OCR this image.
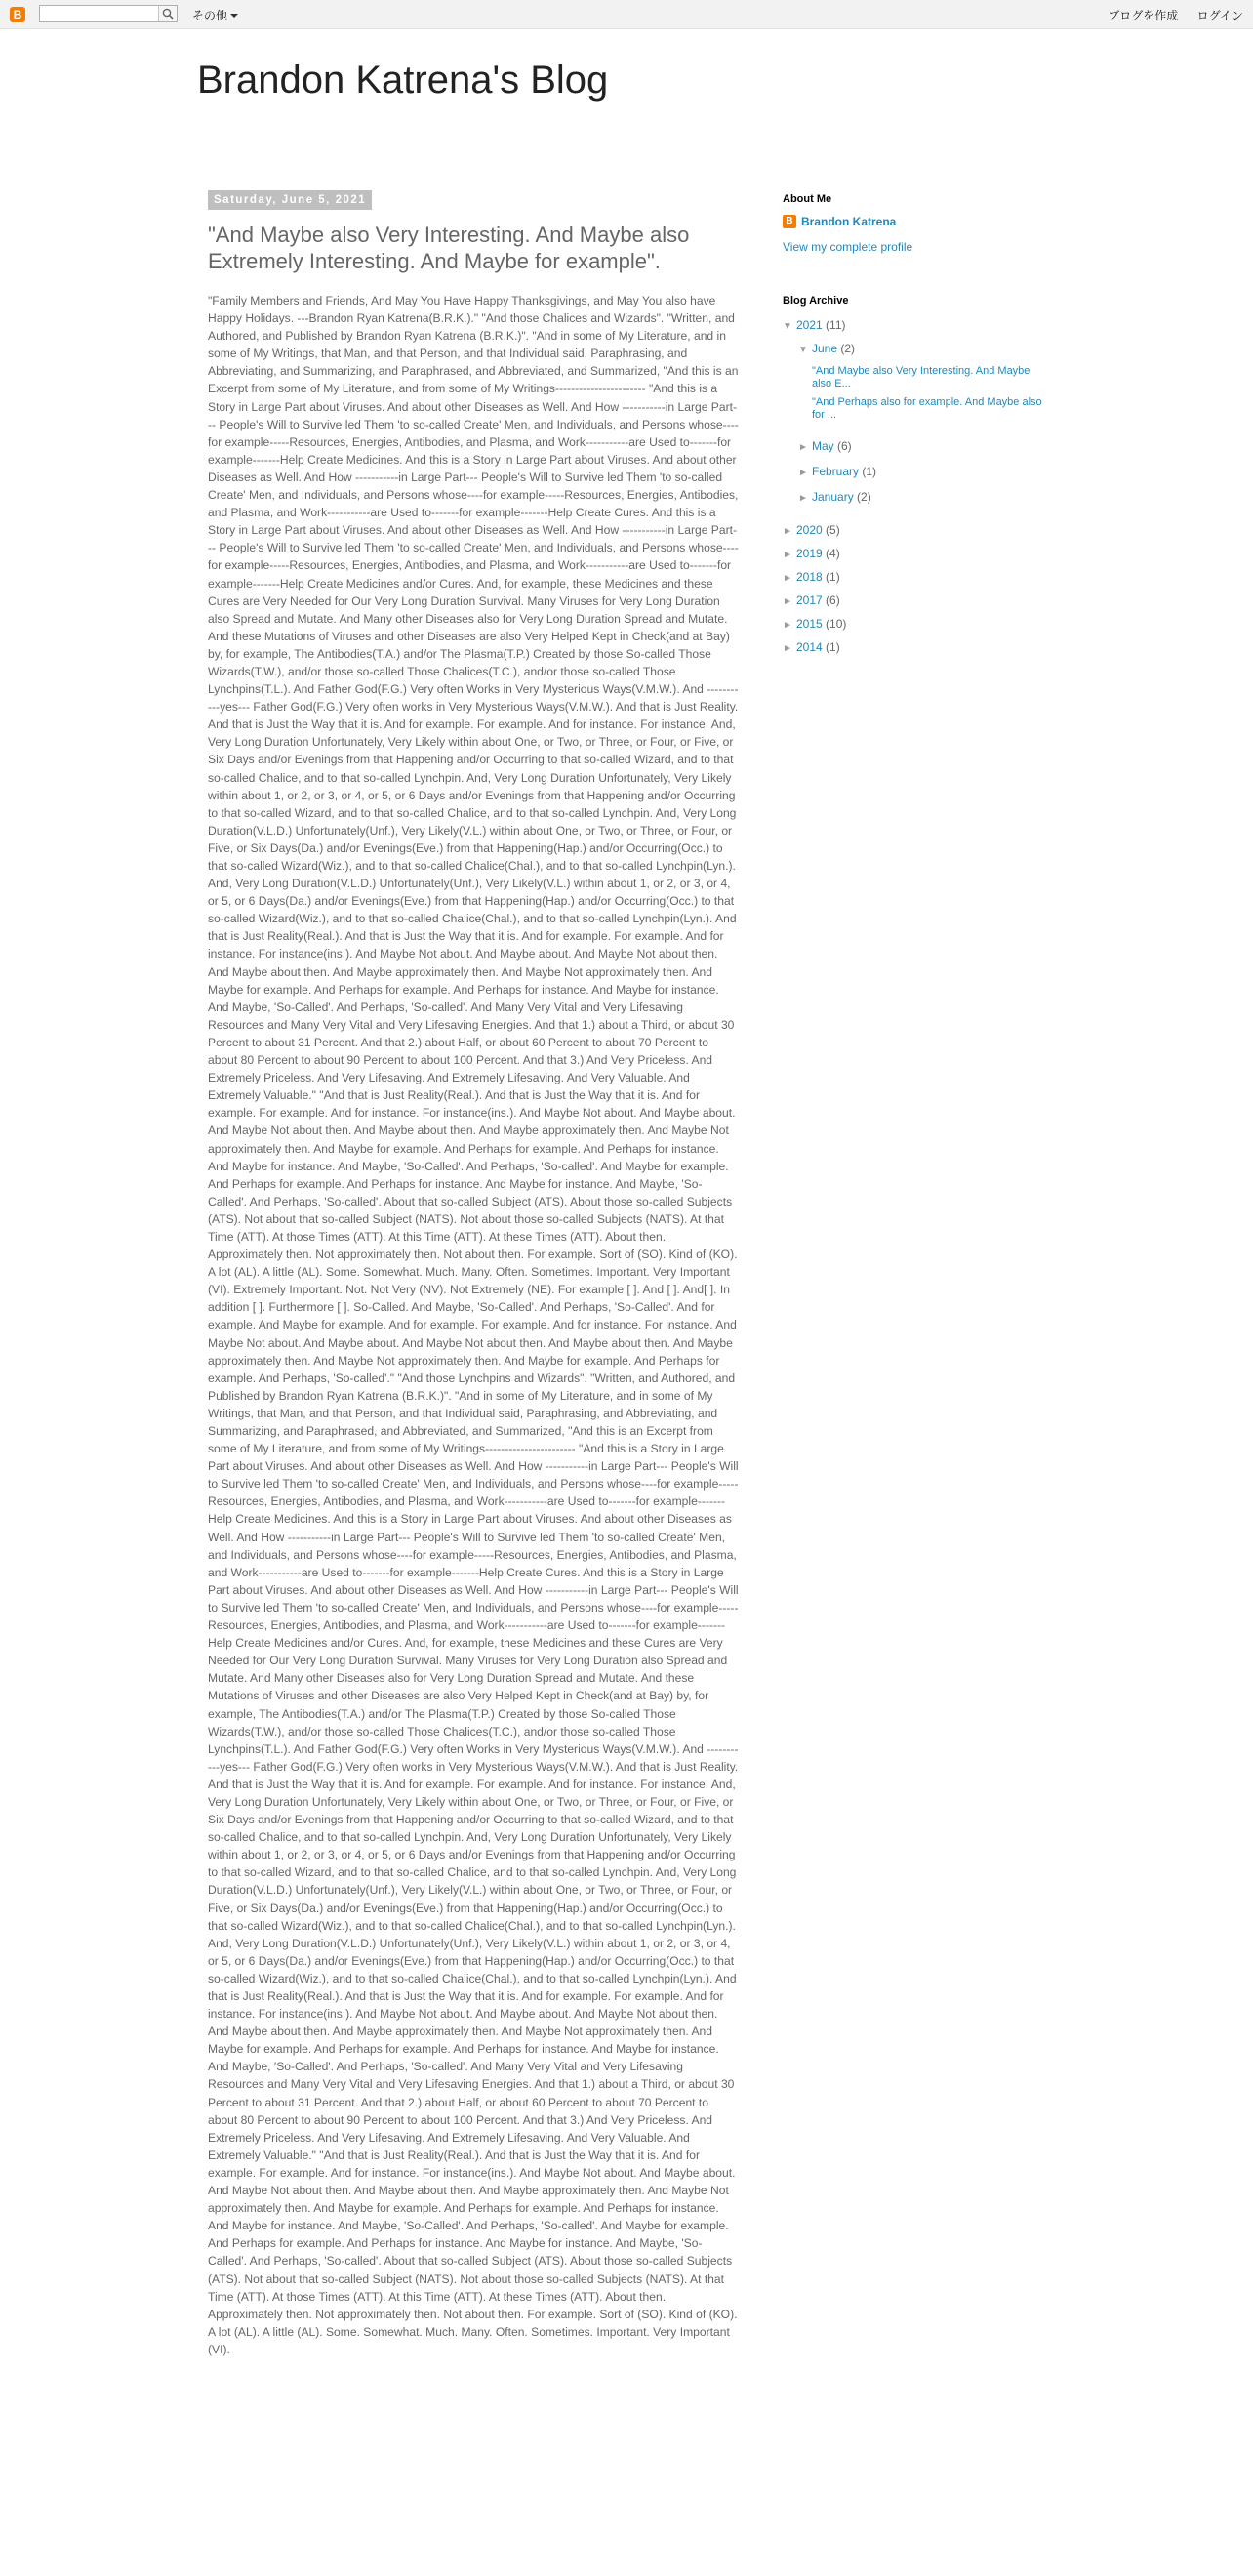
B	その他	ブログを作成 ログイン
Brandon Katrena's Blog
Saturday, June 5, 2021
"And Maybe also Very Interesting. And Maybe also Extremely Interesting. And Maybe for example".
"Family Members and Friends, And May You Have Happy Thanksgivings, and May You also have Happy Holidays. ---Brandon Ryan Katrena(B.R.K.)." "And those Chalices and Wizards". "Written, and Authored, and Published by Brandon Ryan Katrena (B.R.K.)". "And in some of My Literature, and in some of My Writings, that Man, and that Person, and that Individual said, Paraphrasing, and Abbreviating, and Summarizing, and Paraphrased, and Abbreviated, and Summarized, "And this is an Excerpt from some of My Literature, and from some of My Writings----------------------- "And this is a Story in Large Part about Viruses. And about other Diseases as Well. And How -----------in Large Part--- People's Will to Survive led Them 'to so-called Create' Men, and Individuals, and Persons whose----for example-----Resources, Energies, Antibodies, and Plasma, and Work-----------are Used to-------for example-------Help Create Medicines. And this is a Story in Large Part about Viruses. And about other Diseases as Well. And How -----------in Large Part--- People's Will to Survive led Them 'to so-called Create' Men, and Individuals, and Persons whose----for example-----Resources, Energies, Antibodies, and Plasma, and Work-----------are Used to-------for example-------Help Create Cures. And this is a Story in Large Part about Viruses. And about other Diseases as Well. And How -----------in Large Part--- People's Will to Survive led Them 'to so-called Create' Men, and Individuals, and Persons whose----for example-----Resources, Energies, Antibodies, and Plasma, and Work-----------are Used to-------for example-------Help Create Medicines and/or Cures. And, for example, these Medicines and these Cures are Very Needed for Our Very Long Duration Survival. Many Viruses for Very Long Duration also Spread and Mutate. And Many other Diseases also for Very Long Duration Spread and Mutate. And these Mutations of Viruses and other Diseases are also Very Helped Kept in Check(and at Bay) by, for example, The Antibodies(T.A.) and/or The Plasma(T.P.) Created by those So-called Those Wizards(T.W.), and/or those so-called Those Chalices(T.C.), and/or those so-called Those Lynchpins(T.L.). And Father God(F.G.) Very often Works in Very Mysterious Ways(V.M.W.). And -----------yes--- Father God(F.G.) Very often works in Very Mysterious Ways(V.M.W.). And that is Just Reality. And that is Just the Way that it is. And for example. For example. And for instance. For instance. And, Very Long Duration Unfortunately, Very Likely within about One, or Two, or Three, or Four, or Five, or Six Days and/or Evenings from that Happening and/or Occurring to that so-called Wizard, and to that so-called Chalice, and to that so-called Lynchpin. And, Very Long Duration Unfortunately, Very Likely within about 1, or 2, or 3, or 4, or 5, or 6 Days and/or Evenings from that Happening and/or Occurring to that so-called Wizard, and to that so-called Chalice, and to that so-called Lynchpin. And, Very Long Duration(V.L.D.) Unfortunately(Unf.), Very Likely(V.L.) within about One, or Two, or Three, or Four, or Five, or Six Days(Da.) and/or Evenings(Eve.) from that Happening(Hap.) and/or Occurring(Occ.) to that so-called Wizard(Wiz.), and to that so-called Chalice(Chal.), and to that so-called Lynchpin(Lyn.). And, Very Long Duration(V.L.D.) Unfortunately(Unf.), Very Likely(V.L.) within about 1, or 2, or 3, or 4, or 5, or 6 Days(Da.) and/or Evenings(Eve.) from that Happening(Hap.) and/or Occurring(Occ.) to that so-called Wizard(Wiz.), and to that so-called Chalice(Chal.), and to that so-called Lynchpin(Lyn.). And that is Just Reality(Real.). And that is Just the Way that it is. And for example. For example. And for instance. For instance(ins.). And Maybe Not about. And Maybe about. And Maybe Not about then. And Maybe about then. And Maybe approximately then. And Maybe Not approximately then. And Maybe for example. And Perhaps for example. And Perhaps for instance. And Maybe for instance. And Maybe, 'So-Called'. And Perhaps, 'So-called'. And Many Very Vital and Very Lifesaving Resources and Many Very Vital and Very Lifesaving Energies. And that 1.) about a Third, or about 30 Percent to about 31 Percent. And that 2.) about Half, or about 60 Percent to about 70 Percent to about 80 Percent to about 90 Percent to about 100 Percent. And that 3.) And Very Priceless. And Extremely Priceless. And Very Lifesaving. And Extremely Lifesaving. And Very Valuable. And Extremely Valuable." "And that is Just Reality(Real.). And that is Just the Way that it is. And for example. For example. And for instance. For instance(ins.). And Maybe Not about. And Maybe about. And Maybe Not about then. And Maybe about then. And Maybe approximately then. And Maybe Not approximately then. And Maybe for example. And Perhaps for example. And Perhaps for instance. And Maybe for instance. And Maybe, 'So-Called'. And Perhaps, 'So-called'. And Maybe for example. And Perhaps for example. And Perhaps for instance. And Maybe for instance. And Maybe, 'So-Called'. And Perhaps, 'So-called'. About that so-called Subject (ATS). About those so-called Subjects (ATS). Not about that so-called Subject (NATS). Not about those so-called Subjects (NATS). At that Time (ATT). At those Times (ATT). At this Time (ATT). At these Times (ATT). About then. Approximately then. Not approximately then. Not about then. For example. Sort of (SO). Kind of (KO). A lot (AL). A little (AL). Some. Somewhat. Much. Many. Often. Sometimes. Important. Very Important (VI). Extremely Important. Not. Not Very (NV). Not Extremely (NE). For example [ ]. And [ ]. And[ ]. In addition [ ]. Furthermore [ ]. So-Called. And Maybe, 'So-Called'. And Perhaps, 'So-Called'. And for example. And Maybe for example. And for example. For example. And for instance. For instance. And Maybe Not about. And Maybe about. And Maybe Not about then. And Maybe about then. And Maybe approximately then. And Maybe Not approximately then. And Maybe for example. And Perhaps for example. And Perhaps, 'So-called'." "And those Lynchpins and Wizards". "Written, and Authored, and Published by Brandon Ryan Katrena (B.R.K.)". "And in some of My Literature, and in some of My Writings, that Man, and that Person, and that Individual said, Paraphrasing, and Abbreviating, and Summarizing, and Paraphrased, and Abbreviated, and Summarized, "And this is an Excerpt from some of My Literature, and from some of My Writings----------------------- "And this is a Story in Large Part about Viruses. And about other Diseases as Well. And How -----------in Large Part--- People's Will to Survive led Them 'to so-called Create' Men, and Individuals, and Persons whose----for example-----Resources, Energies, Antibodies, and Plasma, and Work-----------are Used to-------for example-------Help Create Medicines. And this is a Story in Large Part about Viruses. And about other Diseases as Well. And How -----------in Large Part--- People's Will to Survive led Them 'to so-called Create' Men, and Individuals, and Persons whose----for example-----Resources, Energies, Antibodies, and Plasma, and Work-----------are Used to-------for example-------Help Create Cures. And this is a Story in Large Part about Viruses. And about other Diseases as Well. And How -----------in Large Part--- People's Will to Survive led Them 'to so-called Create' Men, and Individuals, and Persons whose----for example-----Resources, Energies, Antibodies, and Plasma, and Work-----------are Used to-------for example-------Help Create Medicines and/or Cures. And, for example, these Medicines and these Cures are Very Needed for Our Very Long Duration Survival. Many Viruses for Very Long Duration also Spread and Mutate. And Many other Diseases also for Very Long Duration Spread and Mutate. And these Mutations of Viruses and other Diseases are also Very Helped Kept in Check(and at Bay) by, for example, The Antibodies(T.A.) and/or The Plasma(T.P.) Created by those So-called Those Wizards(T.W.), and/or those so-called Those Chalices(T.C.), and/or those so-called Those Lynchpins(T.L.). And Father God(F.G.) Very often Works in Very Mysterious Ways(V.M.W.). And -----------yes--- Father God(F.G.) Very often works in Very Mysterious Ways(V.M.W.). And that is Just Reality. And that is Just the Way that it is. And for example. For example. And for instance. For instance. And, Very Long Duration Unfortunately, Very Likely within about One, or Two, or Three, or Four, or Five, or Six Days and/or Evenings from that Happening and/or Occurring to that so-called Wizard, and to that so-called Chalice, and to that so-called Lynchpin. And, Very Long Duration Unfortunately, Very Likely within about 1, or 2, or 3, or 4, or 5, or 6 Days and/or Evenings from that Happening and/or Occurring to that so-called Wizard, and to that so-called Chalice, and to that so-called Lynchpin. And, Very Long Duration(V.L.D.) Unfortunately(Unf.), Very Likely(V.L.) within about One, or Two, or Three, or Four, or Five, or Six Days(Da.) and/or Evenings(Eve.) from that Happening(Hap.) and/or Occurring(Occ.) to that so-called Wizard(Wiz.), and to that so-called Chalice(Chal.), and to that so-called Lynchpin(Lyn.). And, Very Long Duration(V.L.D.) Unfortunately(Unf.), Very Likely(V.L.) within about 1, or 2, or 3, or 4, or 5, or 6 Days(Da.) and/or Evenings(Eve.) from that Happening(Hap.) and/or Occurring(Occ.) to that so-called Wizard(Wiz.), and to that so-called Chalice(Chal.), and to that so-called Lynchpin(Lyn.). And that is Just Reality(Real.). And that is Just the Way that it is. And for example. For example. And for instance. For instance(ins.). And Maybe Not about. And Maybe about. And Maybe Not about then. And Maybe about then. And Maybe approximately then. And Maybe Not approximately then. And Maybe for example. And Perhaps for example. And Perhaps for instance. And Maybe for instance. And Maybe, 'So-Called'. And Perhaps, 'So-called'. And Many Very Vital and Very Lifesaving Resources and Many Very Vital and Very Lifesaving Energies. And that 1.) about a Third, or about 30 Percent to about 31 Percent. And that 2.) about Half, or about 60 Percent to about 70 Percent to about 80 Percent to about 90 Percent to about 100 Percent. And that 3.) And Very Priceless. And Extremely Priceless. And Very Lifesaving. And Extremely Lifesaving. And Very Valuable. And Extremely Valuable." "And that is Just Reality(Real.). And that is Just the Way that it is. And for example. For example. And for instance. For instance(ins.). And Maybe Not about. And Maybe about. And Maybe Not about then. And Maybe about then. And Maybe approximately then. And Maybe Not approximately then. And Maybe for example. And Perhaps for example. And Perhaps for instance. And Maybe for instance. And Maybe, 'So-Called'. And Perhaps, 'So-called'. And Maybe for example. And Perhaps for example. And Perhaps for instance. And Maybe for instance. And Maybe, 'So-Called'. And Perhaps, 'So-called'. About that so-called Subject (ATS). About those so-called Subjects (ATS). Not about that so-called Subject (NATS). Not about those so-called Subjects (NATS). At that Time (ATT). At those Times (ATT). At this Time (ATT). At these Times (ATT). About then. Approximately then. Not approximately then. Not about then. For example. Sort of (SO). Kind of (KO). A lot (AL). A little (AL). Some. Somewhat. Much. Many. Often. Sometimes. Important. Very Important (VI).
About Me
B Brandon Katrena
View my complete profile
Blog Archive
▼ 2021 (11)
▼ June (2)
"And Maybe also Very Interesting. And Maybe also E...
"And Perhaps also for example. And Maybe also for ...
► May (6)
► February (1)
► January (2)
► 2020 (5)
► 2019 (4)
► 2018 (1)
► 2017 (6)
► 2015 (10)
► 2014 (1)
